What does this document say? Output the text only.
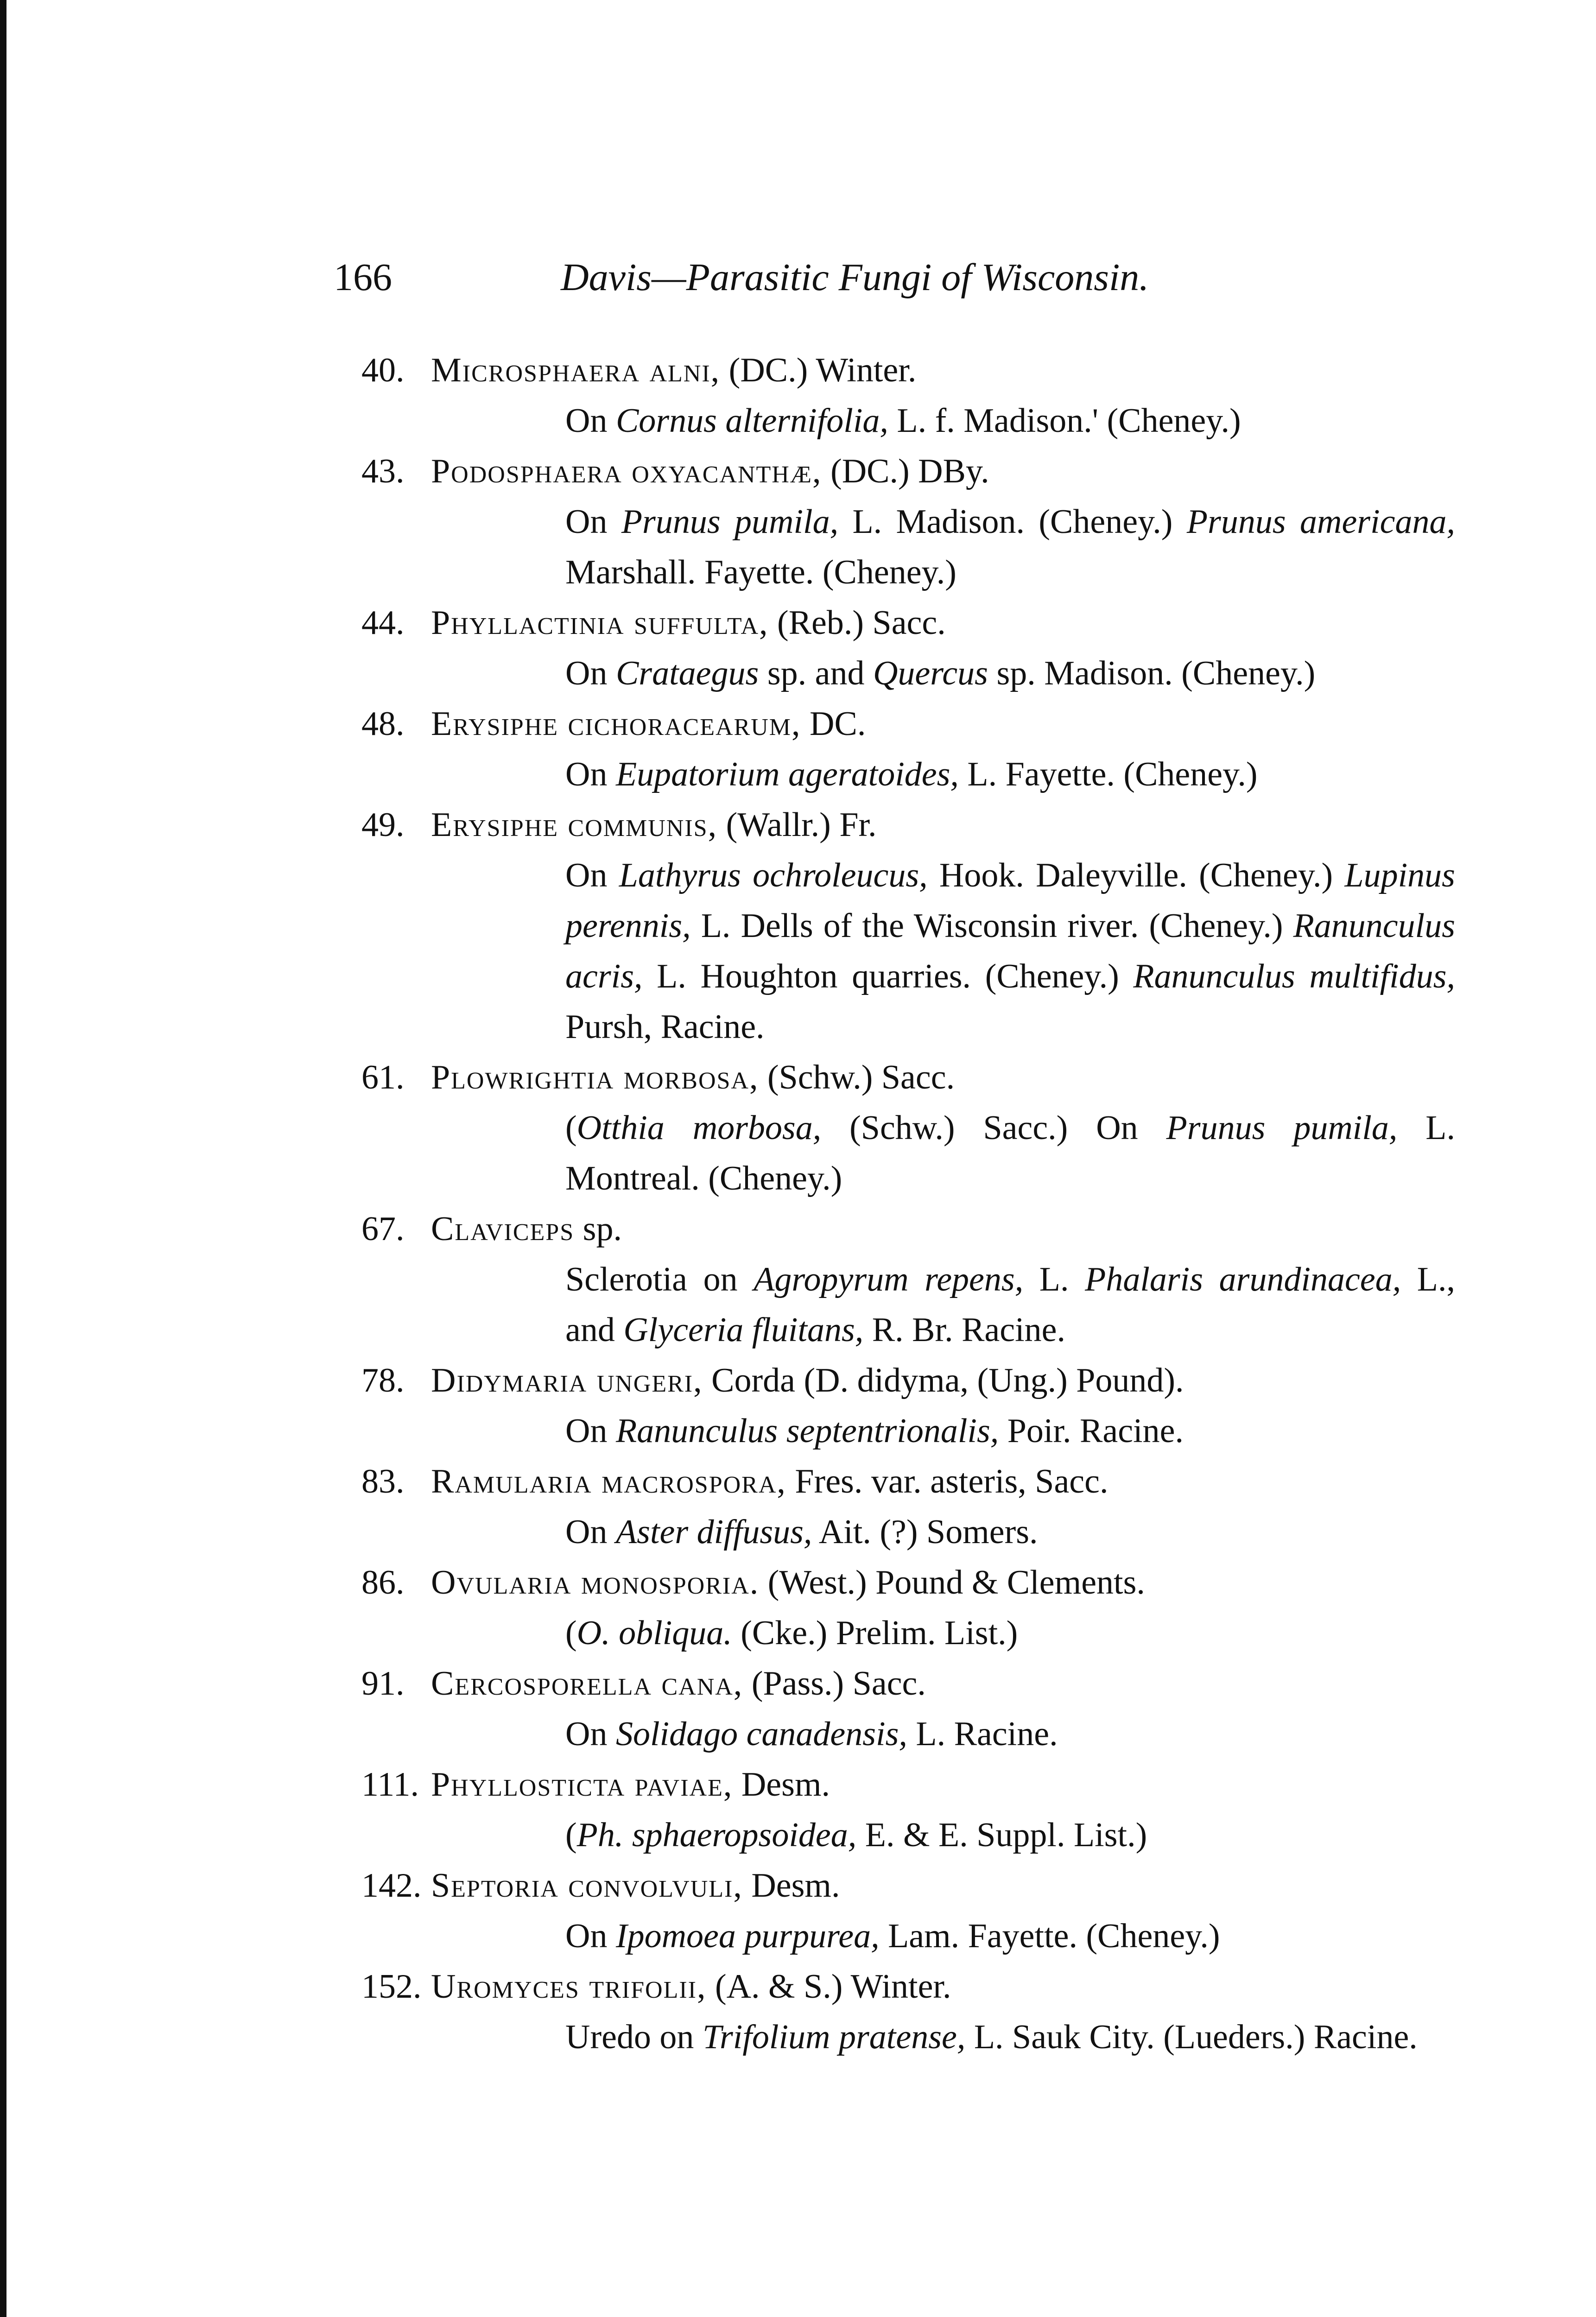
166	Davis—Parasitic Fungi of Wisconsin.

40. Microsphaera alni, (DC.) Winter.

On Cornus alternifolia, L. f. Madison.' (Cheney.)

43. Podosphaera oxyacanthæ, (DC.) DBy.

On Prunus pumila, L. Madison. (Cheney.) Prunus americana, Marshall. Fayette. (Cheney.)

44. Phyllactinia suffulta, (Reb.) Sacc.

On Crataegus sp. and Quercus sp. Madison. (Cheney.)

48. Erysiphe cichoracearum, DC.

On Eupatorium ageratoides, L. Fayette. (Cheney.)

49. Erysiphe communis, (Wallr.) Fr.

On Lathyrus ochroleucus, Hook. Daleyville. (Cheney.) Lupinus perennis, L. Dells of the Wisconsin river. (Cheney.) Ranunculus acris, L. Houghton quarries. (Cheney.) Ranunculus multifidus, Pursh, Racine.

61. Plowrightia morbosa, (Schw.) Sacc.

(Otthia morbosa, (Schw.) Sacc.) On Prunus pumila, L. Montreal. (Cheney.)

67. Claviceps sp.

Sclerotia on Agropyrum repens, L. Phalaris arundinacea, L., and Glyceria fluitans, R. Br. Racine.

78. Didymaria ungeri, Corda (D. didyma, (Ung.) Pound).

On Ranunculus septentrionalis, Poir. Racine.

83. Ramularia macrospora, Fres. var. asteris, Sacc.

On Aster diffusus, Ait. (?) Somers.

86. Ovularia monosporia. (West.) Pound & Clements.

(O. obliqua. (Cke.) Prelim. List.)

91. Cercosporella cana, (Pass.) Sacc.

On Solidago canadensis, L. Racine.

111. Phyllosticta paviae, Desm.

(Ph. sphaeropsoidea, E. & E. Suppl. List.)

142. Septoria convolvuli, Desm.

On Ipomoea purpurea, Lam. Fayette. (Cheney.)

152. Uromyces trifolii, (A. & S.) Winter.

Uredo on Trifolium pratense, L. Sauk City. (Lueders.) Racine.
